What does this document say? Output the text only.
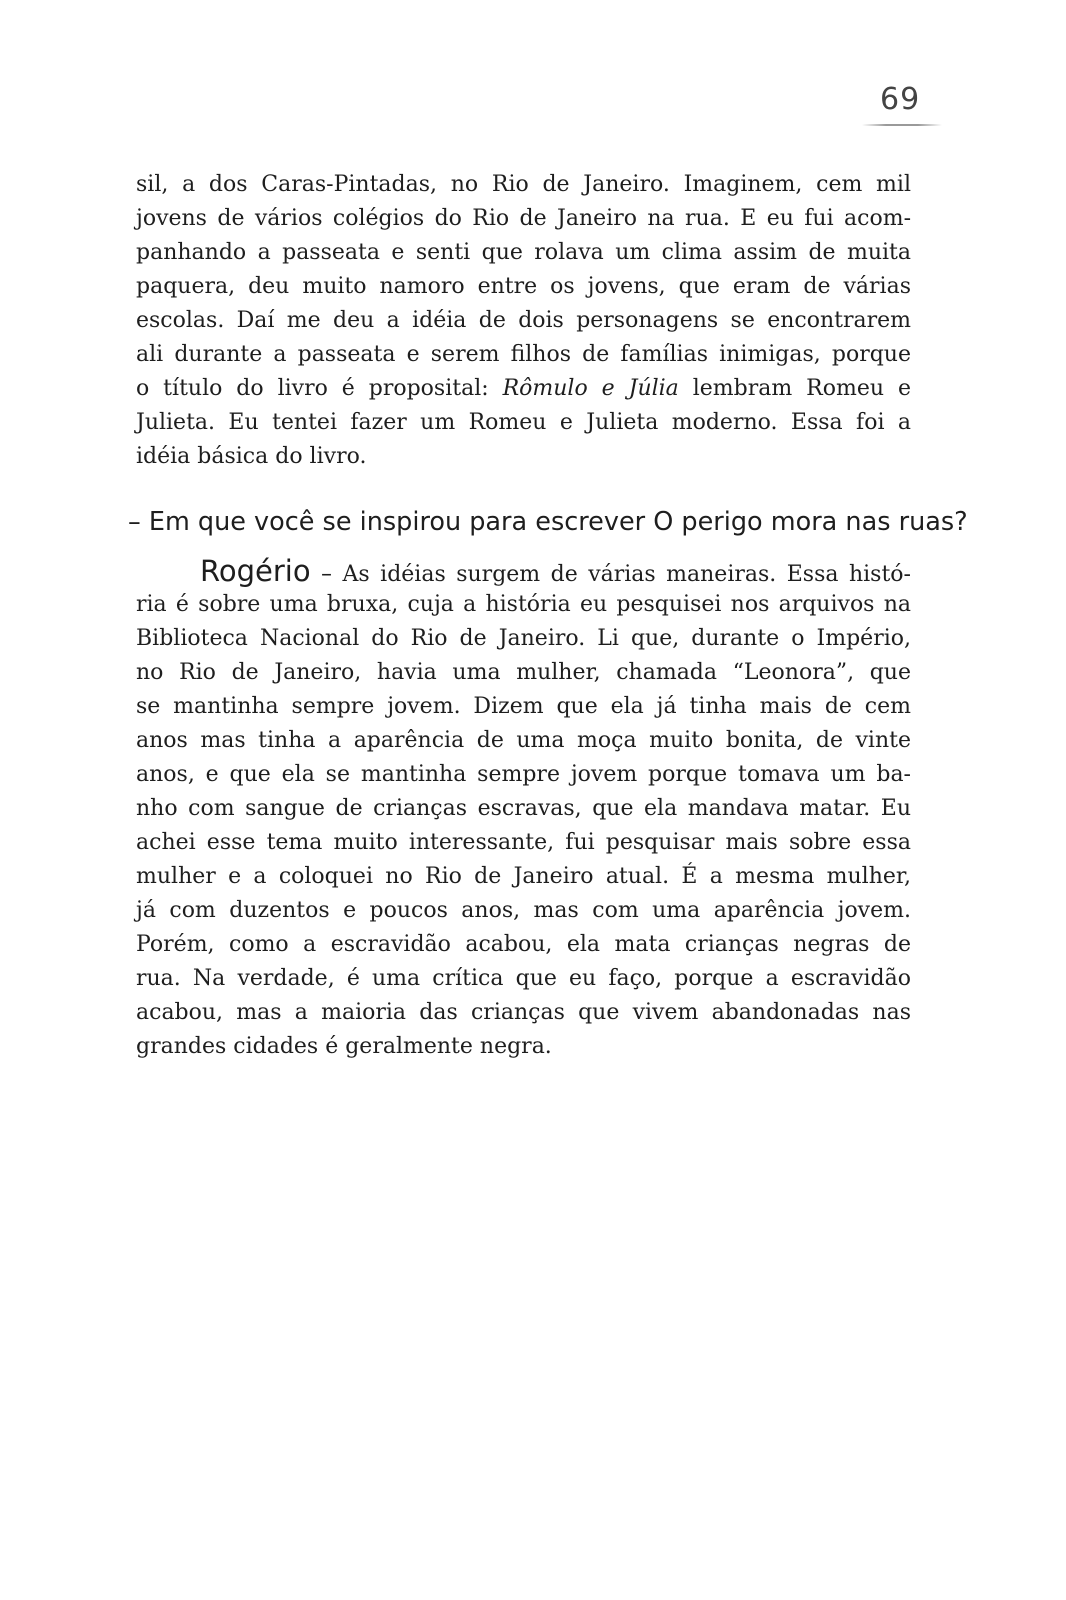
69
sil, a dos Caras-Pintadas, no Rio de Janeiro. Imaginem, cem mil
jovens de vários colégios do Rio de Janeiro na rua. E eu fui acom-
panhando a passeata e senti que rolava um clima assim de muita
paquera, deu muito namoro entre os jovens, que eram de várias
escolas. Daí me deu a idéia de dois personagens se encontrarem
ali durante a passeata e serem filhos de famílias inimigas, porque
o título do livro é proposital: Rômulo e Júlia lembram Romeu e
Julieta. Eu tentei fazer um Romeu e Julieta moderno. Essa foi a
idéia básica do livro.
– Em que você se inspirou para escrever O perigo mora nas ruas?
Rogério – As idéias surgem de várias maneiras. Essa histó-
ria é sobre uma bruxa, cuja a história eu pesquisei nos arquivos na
Biblioteca Nacional do Rio de Janeiro. Li que, durante o Império,
no Rio de Janeiro, havia uma mulher, chamada “Leonora”, que
se mantinha sempre jovem. Dizem que ela já tinha mais de cem
anos mas tinha a aparência de uma moça muito bonita, de vinte
anos, e que ela se mantinha sempre jovem porque tomava um ba-
nho com sangue de crianças escravas, que ela mandava matar. Eu
achei esse tema muito interessante, fui pesquisar mais sobre essa
mulher e a coloquei no Rio de Janeiro atual. É a mesma mulher,
já com duzentos e poucos anos, mas com uma aparência jovem.
Porém, como a escravidão acabou, ela mata crianças negras de
rua. Na verdade, é uma crítica que eu faço, porque a escravidão
acabou, mas a maioria das crianças que vivem abandonadas nas
grandes cidades é geralmente negra.
